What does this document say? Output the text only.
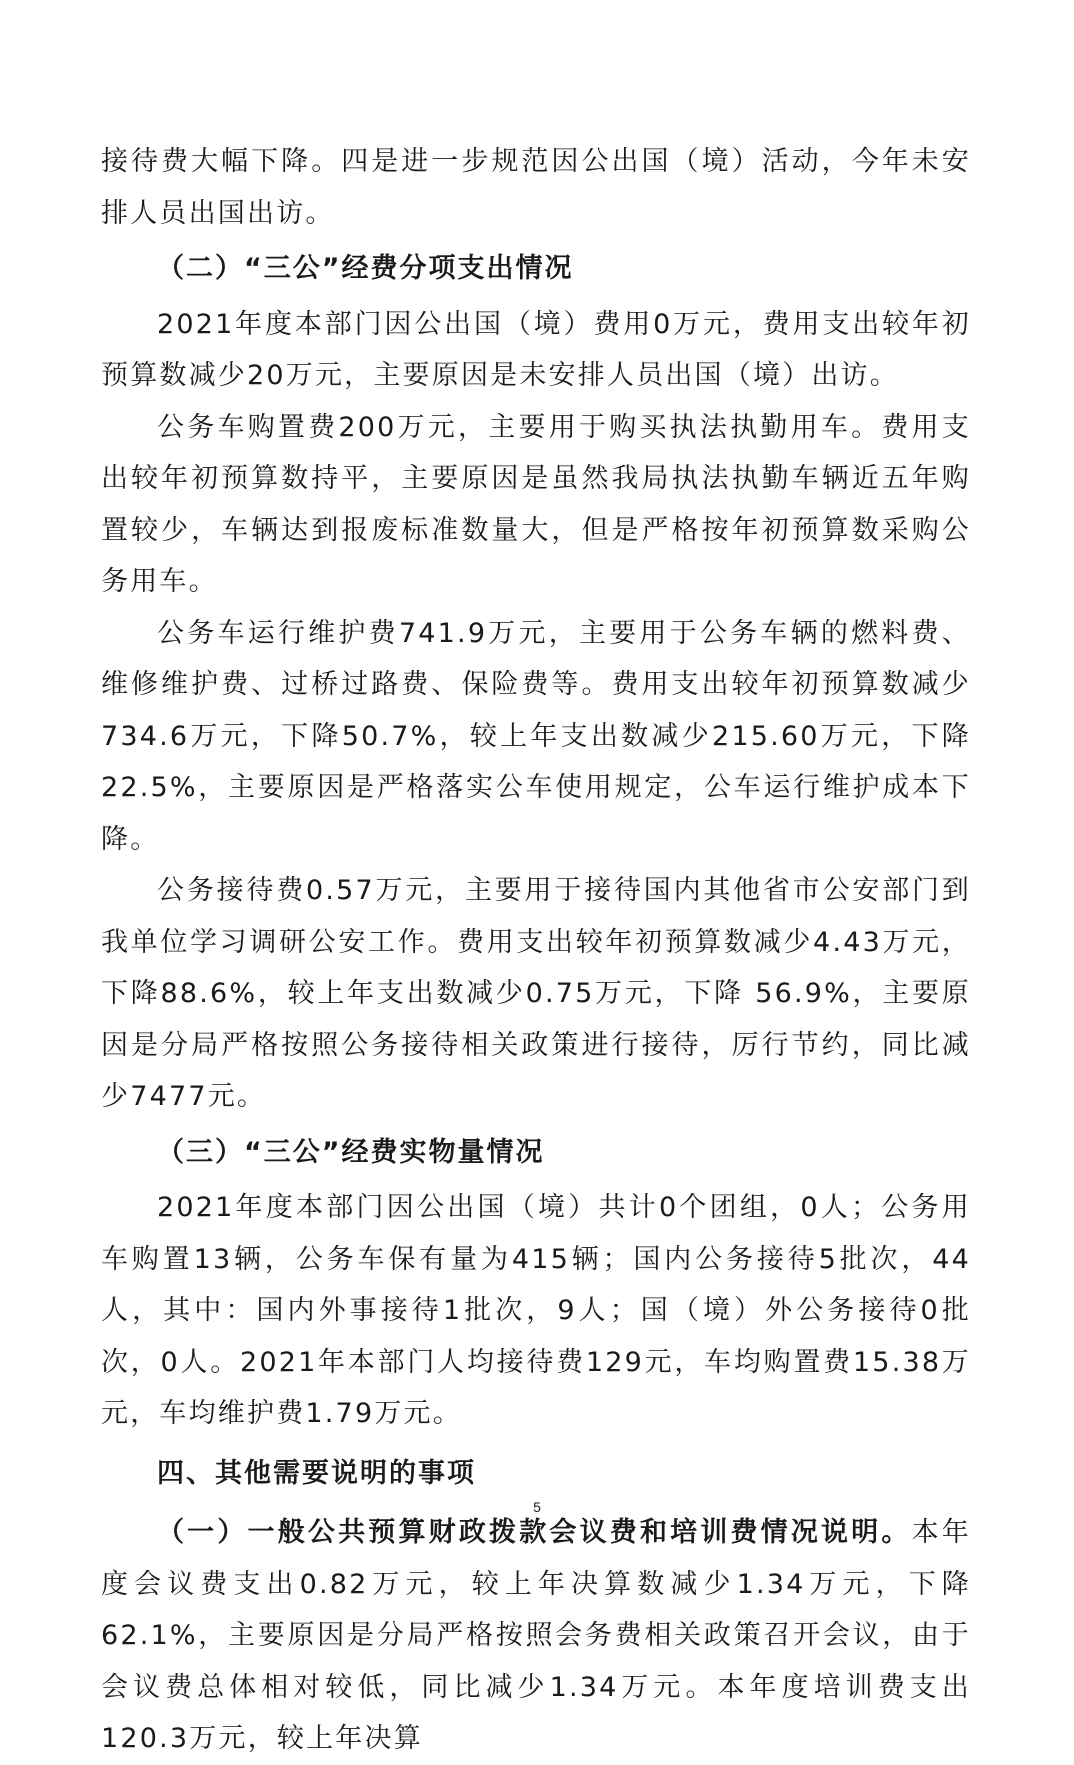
接待费大幅下降。四是进一步规范因公出国（境）活动，今年未安排人员出国出访。

（二）“三公”经费分项支出情况

2021年度本部门因公出国（境）费用0万元，费用支出较年初预算数减少20万元，主要原因是未安排人员出国（境）出访。

公务车购置费200万元，主要用于购买执法执勤用车。费用支出较年初预算数持平，主要原因是虽然我局执法执勤车辆近五年购置较少，车辆达到报废标准数量大，但是严格按年初预算数采购公务用车。

公务车运行维护费741.9万元，主要用于公务车辆的燃料费、维修维护费、过桥过路费、保险费等。费用支出较年初预算数减少734.6万元，下降50.7%，较上年支出数减少215.60万元，下降22.5%，主要原因是严格落实公车使用规定，公车运行维护成本下降。

公务接待费0.57万元，主要用于接待国内其他省市公安部门到我单位学习调研公安工作。费用支出较年初预算数减少4.43万元，下降88.6%，较上年支出数减少0.75万元，下降 56.9%，主要原因是分局严格按照公务接待相关政策进行接待，厉行节约，同比减少7477元。

（三）“三公”经费实物量情况

2021年度本部门因公出国（境）共计0个团组，0人；公务用车购置13辆，公务车保有量为415辆；国内公务接待5批次，44人，其中：国内外事接待1批次，9人；国（境）外公务接待0批次，0人。2021年本部门人均接待费129元，车均购置费15.38万元，车均维护费1.79万元。

四、其他需要说明的事项

（一）一般公共预算财政拨款会议费和培训费情况说明。本年度会议费支出0.82万元，较上年决算数减少1.34万元，下降62.1%，主要原因是分局严格按照会务费相关政策召开会议，由于会议费总体相对较低，同比减少1.34万元。本年度培训费支出120.3万元，较上年决算

5
